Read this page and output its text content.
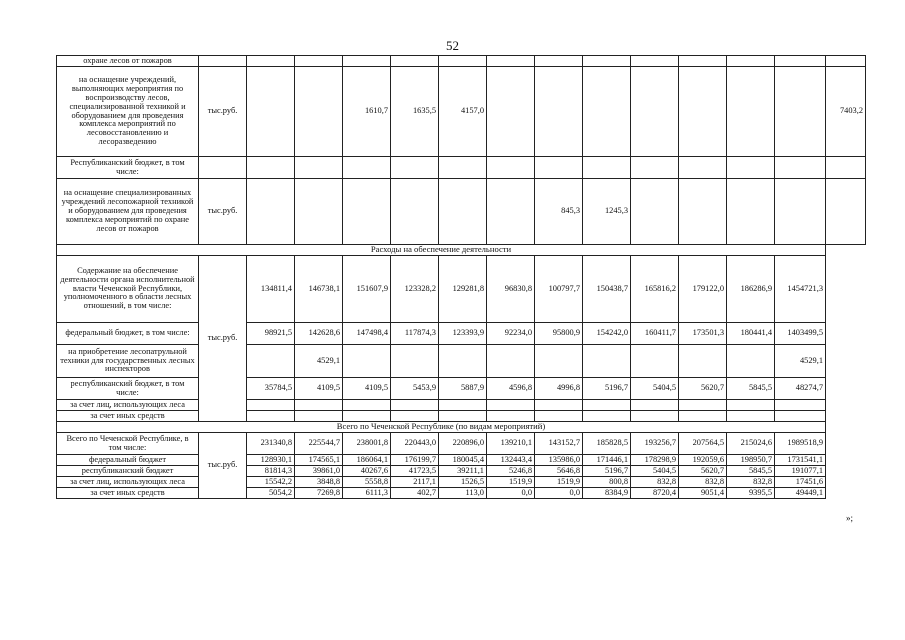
52
охране лесов от пожаров														
на оснащение учреждений, выполняющих мероприятия по воспроизводству лесов, специализированной техникой и оборудованием для проведения комплекса мероприятий по лесовосстановлению и лесоразведению	тыс.руб.			1610,7	1635,5	4157,0								7403,2
Республиканский бюджет, в том числе:														
на оснащение специализированных учреждений лесопожарной техникой и оборудованием для проведения комплекса мероприятий по охране лесов от пожаров	тыс.руб.							845,3	1245,3					
Расходы на обеспечение деятельности														
Содержание на обеспечение деятельности органа исполнительной власти Чеченской Республики, уполномоченного в области лесных отношений, в том числе:	тыс.руб.	134811,4	146738,1	151607,9	123328,2	129281,8	96830,8	100797,7	150438,7	165816,2	179122,0	186286,9	1454721,3	
федеральный бюджет, в том числе:		98921,5	142628,6	147498,4	117874,3	123393,9	92234,0	95800,9	154242,0	160411,7	173501,3	180441,4	1403499,5	
на приобретение лесопатрульной техники для государственных лесных инспекторов			4529,1										4529,1	
республиканский бюджет, в том числе:		35784,5	4109,5	4109,5	5453,9	5887,9	4596,8	4996,8	5196,7	5404,5	5620,7	5845,5	48274,7	
за счет лиц, использующих леса														
за счет иных средств														
Всего по Чеченской Республике (по видам мероприятий)														
Всего по Чеченской Республике, в том числе:	тыс.руб.	231340,8	225544,7	238001,8	220443,0	220896,0	139210,1	143152,7	185828,5	193256,7	207564,5	215024,6	1989518,9	
федеральный бюджет		128930,1	174565,1	186064,1	176199,7	180045,4	132443,4	135986,0	171446,1	178298,9	192059,6	198950,7	1731541,1	
республиканский бюджет		81814,3	39861,0	40267,6	41723,5	39211,1	5246,8	5646,8	5196,7	5404,5	5620,7	5845,5	191077,1	
за счет лиц, использующих леса		15542,2	3848,8	5558,8	2117,1	1526,5	1519,9	1519,9	800,8	832,8	832,8	832,8	17451,6	
за счет иных средств		5054,2	7269,8	6111,3	402,7	113,0	0,0	0,0	8384,9	8720,4	9051,4	9395,5	49449,1	
»;
